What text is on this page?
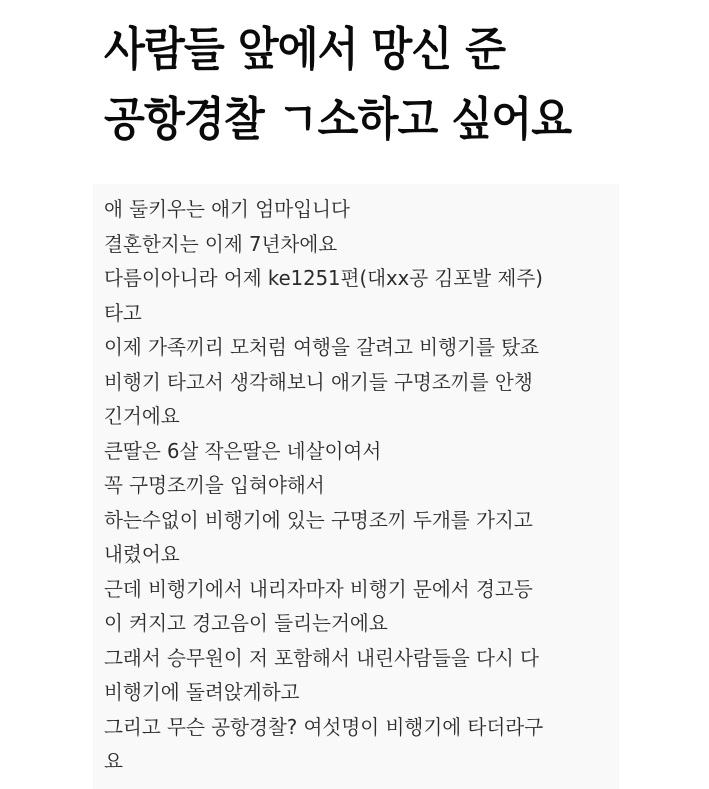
사람들 앞에서 망신 준
공항경찰 ㄱ소하고 싶어요
애 둘키우는 애기 엄마입니다
결혼한지는 이제 7년차에요
다름이아니라 어제 ke1251편(대xx공 김포발 제주)
타고
이제 가족끼리 모처럼 여행을 갈려고 비행기를 탔죠
비행기 타고서 생각해보니 애기들 구명조끼를 안챙
긴거에요
큰딸은 6살 작은딸은 네살이여서
꼭 구명조끼을 입혀야해서
하는수없이 비행기에 있는 구명조끼 두개를 가지고
내렸어요
근데 비행기에서 내리자마자 비행기 문에서 경고등
이 켜지고 경고음이 들리는거에요
그래서 승무원이 저 포함해서 내린사람들을 다시 다
비행기에 돌려앉게하고
그리고 무슨 공항경찰? 여섯명이 비행기에 타더라구
요
